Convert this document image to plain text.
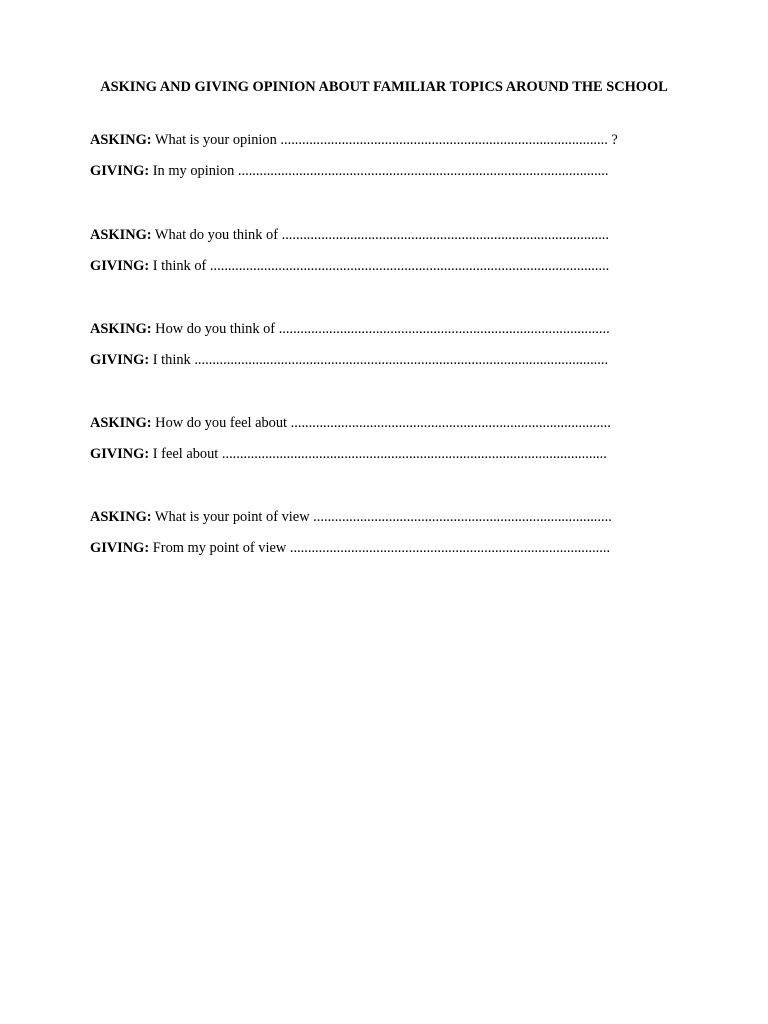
ASKING AND GIVING OPINION ABOUT FAMILIAR TOPICS AROUND THE SCHOOL
ASKING: What is your opinion ........................................................................................... ?
GIVING: In my opinion .......................................................................................................
ASKING: What do you think of ...........................................................................................
GIVING: I think of ...............................................................................................................
ASKING: How do you think of ............................................................................................
GIVING: I think ...................................................................................................................
ASKING: How do you feel about .........................................................................................
GIVING: I feel about ...........................................................................................................
ASKING: What is your point of view ...................................................................................
GIVING: From my point of view .........................................................................................
